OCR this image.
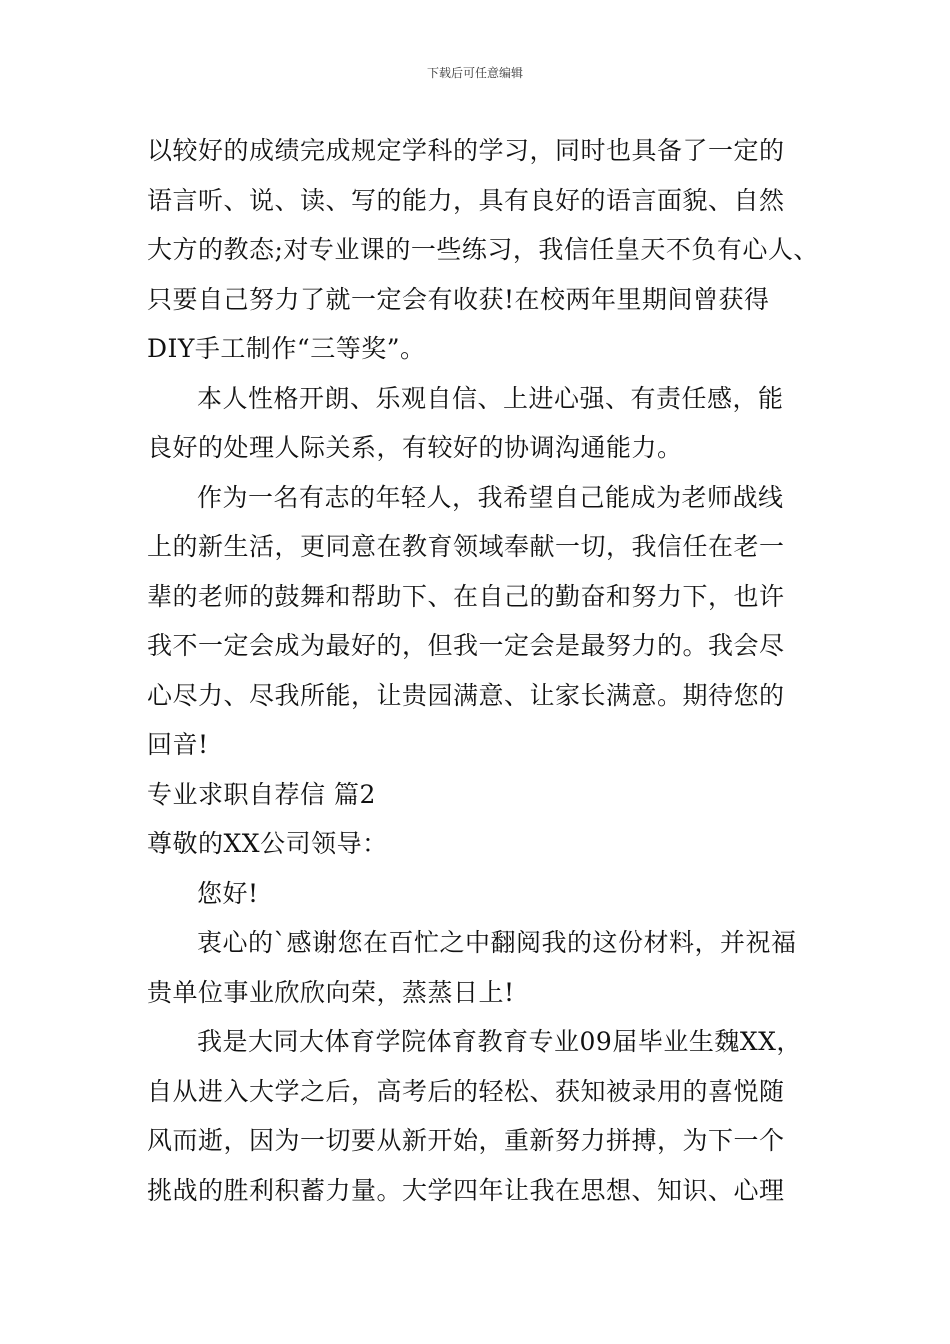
下载后可任意编辑
以较好的成绩完成规定学科的学习，同时也具备了一定的
语言听、说、读、写的能力，具有良好的语言面貌、自然
大方的教态;对专业课的一些练习，我信任皇天不负有心人、
只要自己努力了就一定会有收获!在校两年里期间曾获得
DIY手工制作“三等奖”。
本人性格开朗、乐观自信、上进心强、有责任感，能
良好的处理人际关系，有较好的协调沟通能力。
作为一名有志的年轻人，我希望自己能成为老师战线
上的新生活，更同意在教育领域奉献一切，我信任在老一
辈的老师的鼓舞和帮助下、在自己的勤奋和努力下，也许
我不一定会成为最好的，但我一定会是最努力的。我会尽
心尽力、尽我所能，让贵园满意、让家长满意。期待您的
回音!
专业求职自荐信 篇2
尊敬的XX公司领导：
您好!
衷心的`感谢您在百忙之中翻阅我的这份材料，并祝福
贵单位事业欣欣向荣，蒸蒸日上!
我是大同大体育学院体育教育专业09届毕业生魏XX，
自从进入大学之后，高考后的轻松、获知被录用的喜悦随
风而逝，因为一切要从新开始，重新努力拼搏，为下一个
挑战的胜利积蓄力量。大学四年让我在思想、知识、心理
